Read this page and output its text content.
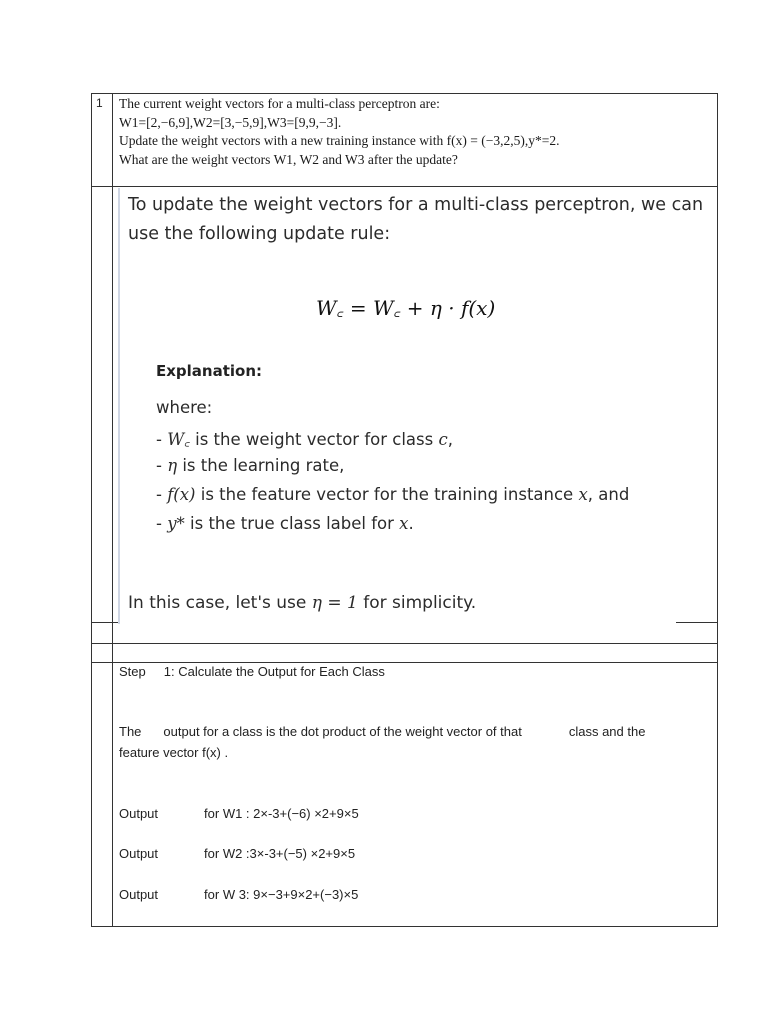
1 The current weight vectors for a multi-class perceptron are:
W1=[2,−6,9],W2=[3,−5,9],W3=[9,9,−3].
Update the weight vectors with a new training instance with f(x) = (−3,2,5),y*=2.
What are the weight vectors W1, W2 and W3 after the update?
To update the weight vectors for a multi-class perceptron, we can
use the following update rule:
W꜀ = W꜀ + η · f(x)
Explanation:
where:
- W꜀ is the weight vector for class c,
- η is the learning rate,
- f(x) is the feature vector for the training instance x, and
- y* is the true class label for x.
In this case, let's use η = 1 for simplicity.
Step 1: Calculate the Output for Each Class
The output for a class is the dot product of the weight vector of that	class and the
feature vector f(x) .
Output	for W1 : 2×-3+(−6) ×2+9×5
Output	for W2 :3×-3+(−5) ×2+9×5
Output	for W 3: 9×−3+9×2+(−3)×5
